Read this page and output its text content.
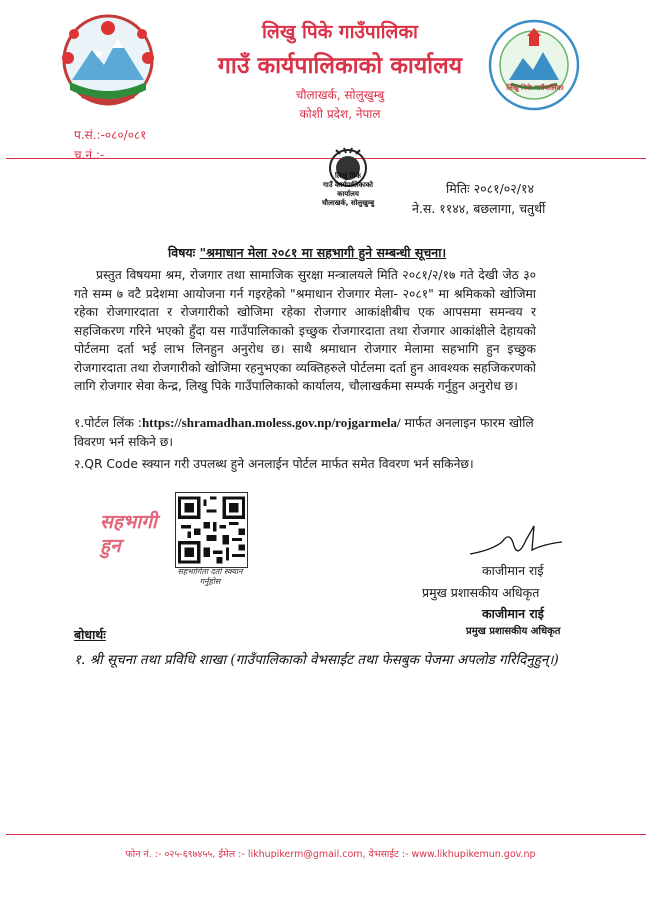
लिखु पिके गाउँपालिका
लिखु पिके गाउँपालिका
गाउँ कार्यपालिकाको कार्यालय
चौलाखर्क, सोलुखुम्बु
कोशी प्रदेश, नेपाल
प.सं.:-०८०/०८१
च.नं.:-
लिखु पिके
गाउँ कार्यपालिकाको
कार्यालय
चौलाखर्क, सोलुखुम्बु
मितिः २०८१/०२/१४
ने.स. ११४४, बछलागा, चतुर्थी
विषयः "श्रमाधान मेला २०८१ मा सहभागी हुने सम्बन्धी सूचना।

प्रस्तुत विषयमा श्रम, रोजगार तथा सामाजिक सुरक्षा मन्त्रालयले मिति २०८१/२/१७ गते देखी जेठ ३० गते सम्म ७ वटै प्रदेशमा आयोजना गर्न गइरहेको "श्रमाधान रोजगार मेला- २०८१" मा श्रमिकको खोजिमा रहेका रोजगारदाता र रोजगारीको खोजिमा रहेका रोजगार आकांक्षीबीच एक आपसमा समन्वय र सहजिकरण गरिने भएको हुँदा यस गाउँपालिकाको इच्छुक रोजगारदाता तथा रोजगार आकांक्षीले देहायको पोर्टलमा दर्ता भई लाभ लिनहुन अनुरोध छ। साथै श्रमाधान रोजगार मेलामा सहभागि हुन इच्छुक रोजगारदाता तथा रोजगारीको खोजिमा रहनुभएका व्यक्तिहरुले पोर्टलमा दर्ता हुन आवश्यक सहजिकरणको लागि रोजगार सेवा केन्द्र, लिखु पिके गाउँपालिकाको कार्यालय, चौलाखर्कमा सम्पर्क गर्नुहुन अनुरोध छ।

१.पोर्टल लिंक :https://shramadhan.moless.gov.np/rojgarmela/ मार्फत अनलाइन फारम खोलि विवरण भर्न सकिने छ।
२.QR Code स्क्यान गरी उपलब्ध हुने अनलाईन पोर्टल मार्फत समेत विवरण भर्न सकिनेछ।
सहभागी हुन
सहभागिता दर्ता स्क्यान गर्नुहोस
काजीमान राई
प्रमुख प्रशासकीय अधिकृत
काजीमान राई
प्रमुख प्रशासकीय अधिकृत
बोधार्थः
१. श्री सूचना तथा प्रविधि शाखा (गाउँपालिकाको वेभसाईट तथा फेसबुक पेजमा अपलोड गरिदिनुहुन्।)
फोन नं. :- ०२५-६९७४५५, ईमेल :- likhupikerm@gmail.com, वेभसाईट :- www.likhupikemun.gov.np
